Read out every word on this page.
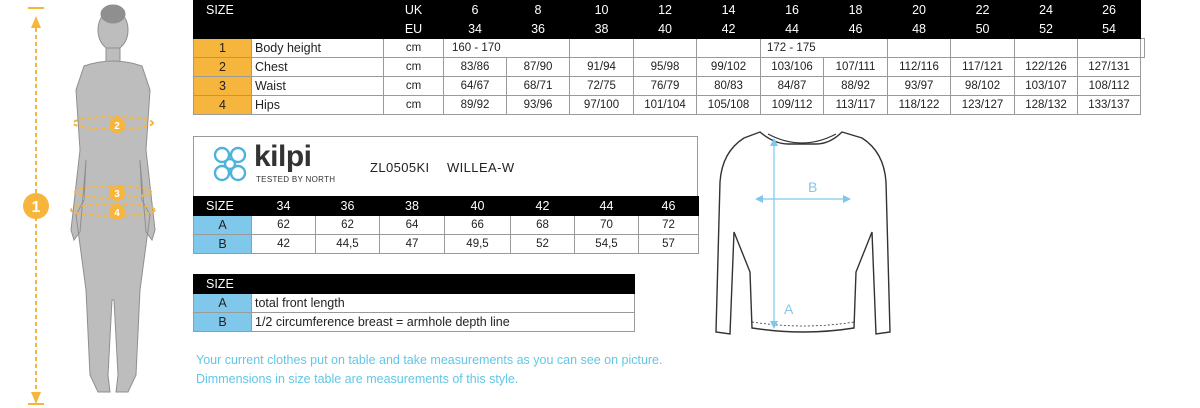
1
2
3
4
SIZE		UK	6	8	10	12	14	16	18	20	22	24	26	
		EU	34	36	38	40	42	44	46	48	50	52	54	
1	Body height	cm	160 - 170					172 - 175						
2	Chest	cm	83/86	87/90	91/94	95/98	99/102	103/106	107/111	112/116	117/121	122/126	127/131	
3	Waist	cm	64/67	68/71	72/75	76/79	80/83	84/87	88/92	93/97	98/102	103/107	108/112	
4	Hips	cm	89/92	93/96	97/100	101/104	105/108	109/112	113/117	118/122	123/127	128/132	133/137	
kilpi
TESTED BY NORTH
ZL0505KI WILLEA-W
SIZE	34	36	38	40	42	44	46
A	62	62	64	66	68	70	72
B	42	44,5	47	49,5	52	54,5	57
SIZE	
A	total front length
B	1/2 circumference breast = armhole depth line
B
A
Your current clothes put on table and take measurements as you can see on picture.
Dimmensions in size table are measurements of this style.
